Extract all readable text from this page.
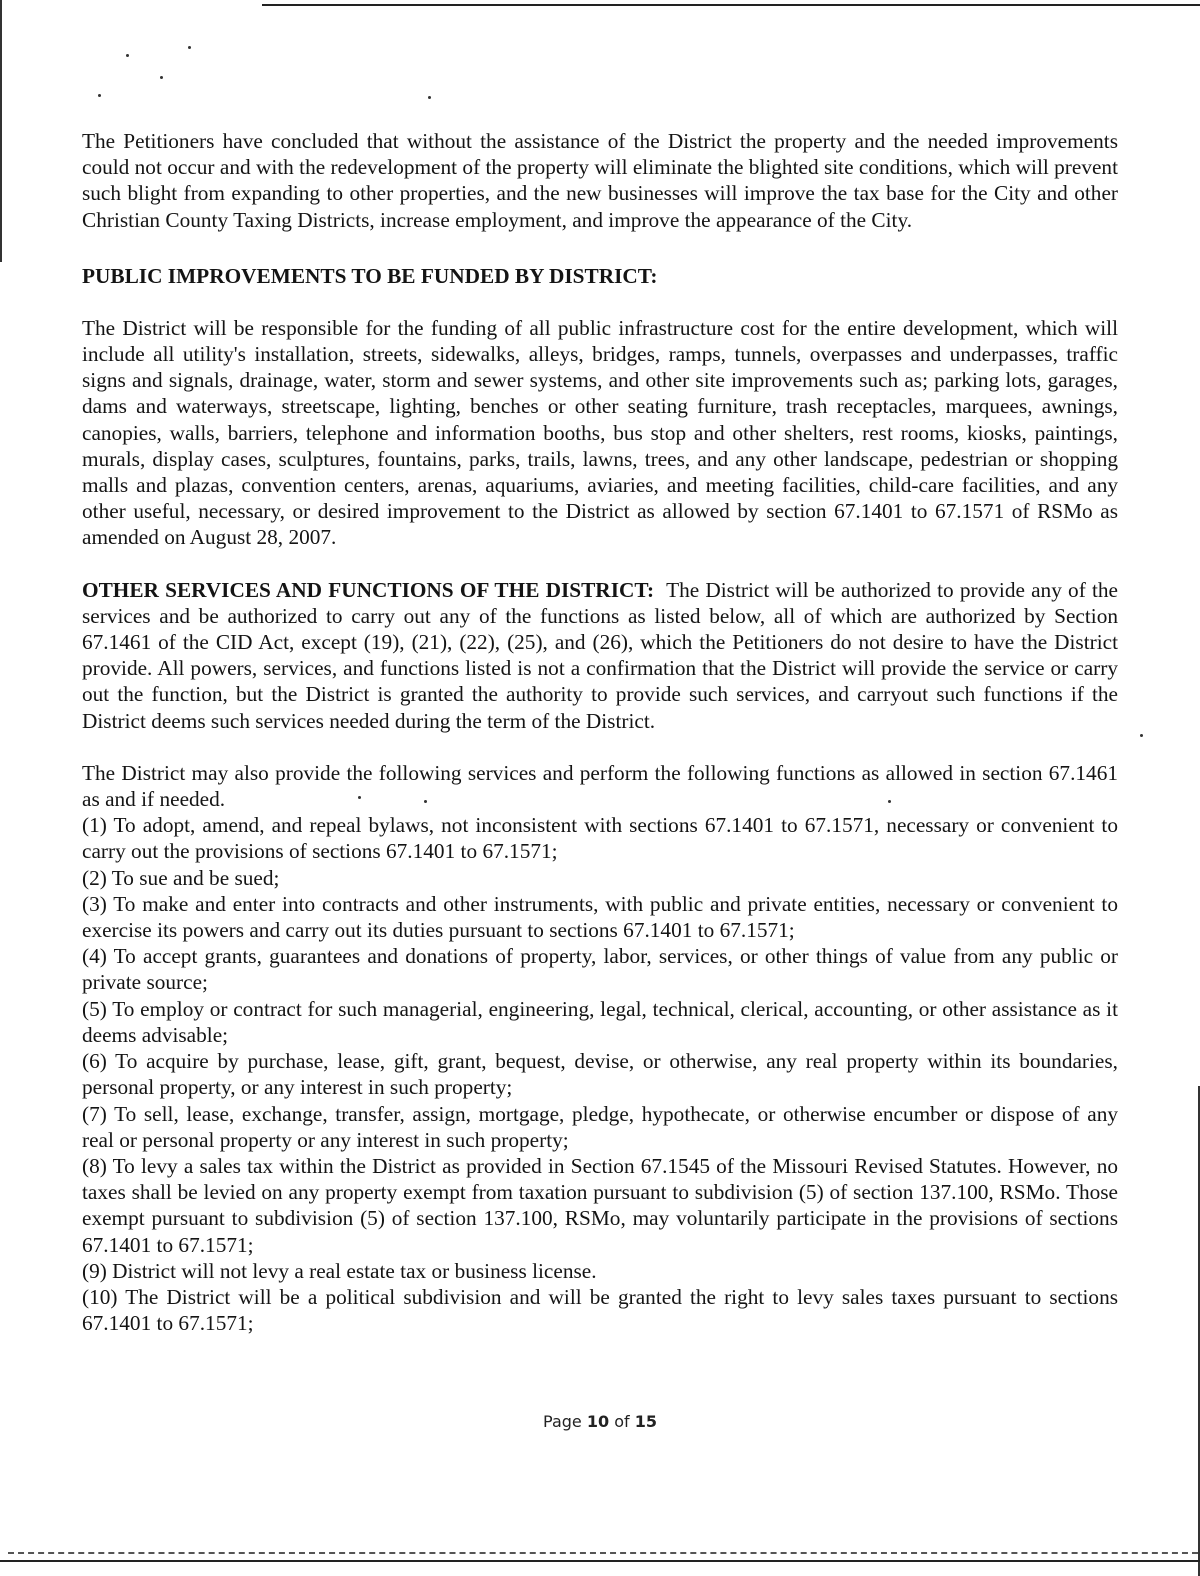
The Petitioners have concluded that without the assistance of the District the property and the needed improvements could not occur and with the redevelopment of the property will eliminate the blighted site conditions, which will prevent such blight from expanding to other properties, and the new businesses will improve the tax base for the City and other Christian County Taxing Districts, increase employment, and improve the appearance of the City.

PUBLIC IMPROVEMENTS TO BE FUNDED BY DISTRICT:

The District will be responsible for the funding of all public infrastructure cost for the entire development, which will include all utility's installation, streets, sidewalks, alleys, bridges, ramps, tunnels, overpasses and underpasses, traffic signs and signals, drainage, water, storm and sewer systems, and other site improvements such as; parking lots, garages, dams and waterways, streetscape, lighting, benches or other seating furniture, trash receptacles, marquees, awnings, canopies, walls, barriers, telephone and information booths, bus stop and other shelters, rest rooms, kiosks, paintings, murals, display cases, sculptures, fountains, parks, trails, lawns, trees, and any other landscape, pedestrian or shopping malls and plazas, convention centers, arenas, aquariums, aviaries, and meeting facilities, child-care facilities, and any other useful, necessary, or desired improvement to the District as allowed by section 67.1401 to 67.1571 of RSMo as amended on August 28, 2007.

OTHER SERVICES AND FUNCTIONS OF THE DISTRICT: The District will be authorized to provide any of the services and be authorized to carry out any of the functions as listed below, all of which are authorized by Section 67.1461 of the CID Act, except (19), (21), (22), (25), and (26), which the Petitioners do not desire to have the District provide. All powers, services, and functions listed is not a confirmation that the District will provide the service or carry out the function, but the District is granted the authority to provide such services, and carryout such functions if the District deems such services needed during the term of the District.

The District may also provide the following services and perform the following functions as allowed in section 67.1461 as and if needed.

(1) To adopt, amend, and repeal bylaws, not inconsistent with sections 67.1401 to 67.1571, necessary or convenient to carry out the provisions of sections 67.1401 to 67.1571;

(2) To sue and be sued;

(3) To make and enter into contracts and other instruments, with public and private entities, necessary or convenient to exercise its powers and carry out its duties pursuant to sections 67.1401 to 67.1571;

(4) To accept grants, guarantees and donations of property, labor, services, or other things of value from any public or private source;

(5) To employ or contract for such managerial, engineering, legal, technical, clerical, accounting, or other assistance as it deems advisable;

(6) To acquire by purchase, lease, gift, grant, bequest, devise, or otherwise, any real property within its boundaries, personal property, or any interest in such property;

(7) To sell, lease, exchange, transfer, assign, mortgage, pledge, hypothecate, or otherwise encumber or dispose of any real or personal property or any interest in such property;

(8) To levy a sales tax within the District as provided in Section 67.1545 of the Missouri Revised Statutes. However, no taxes shall be levied on any property exempt from taxation pursuant to subdivision (5) of section 137.100, RSMo. Those exempt pursuant to subdivision (5) of section 137.100, RSMo, may voluntarily participate in the provisions of sections 67.1401 to 67.1571;

(9) District will not levy a real estate tax or business license.

(10) The District will be a political subdivision and will be granted the right to levy sales taxes pursuant to sections 67.1401 to 67.1571;

Page 10 of 15
